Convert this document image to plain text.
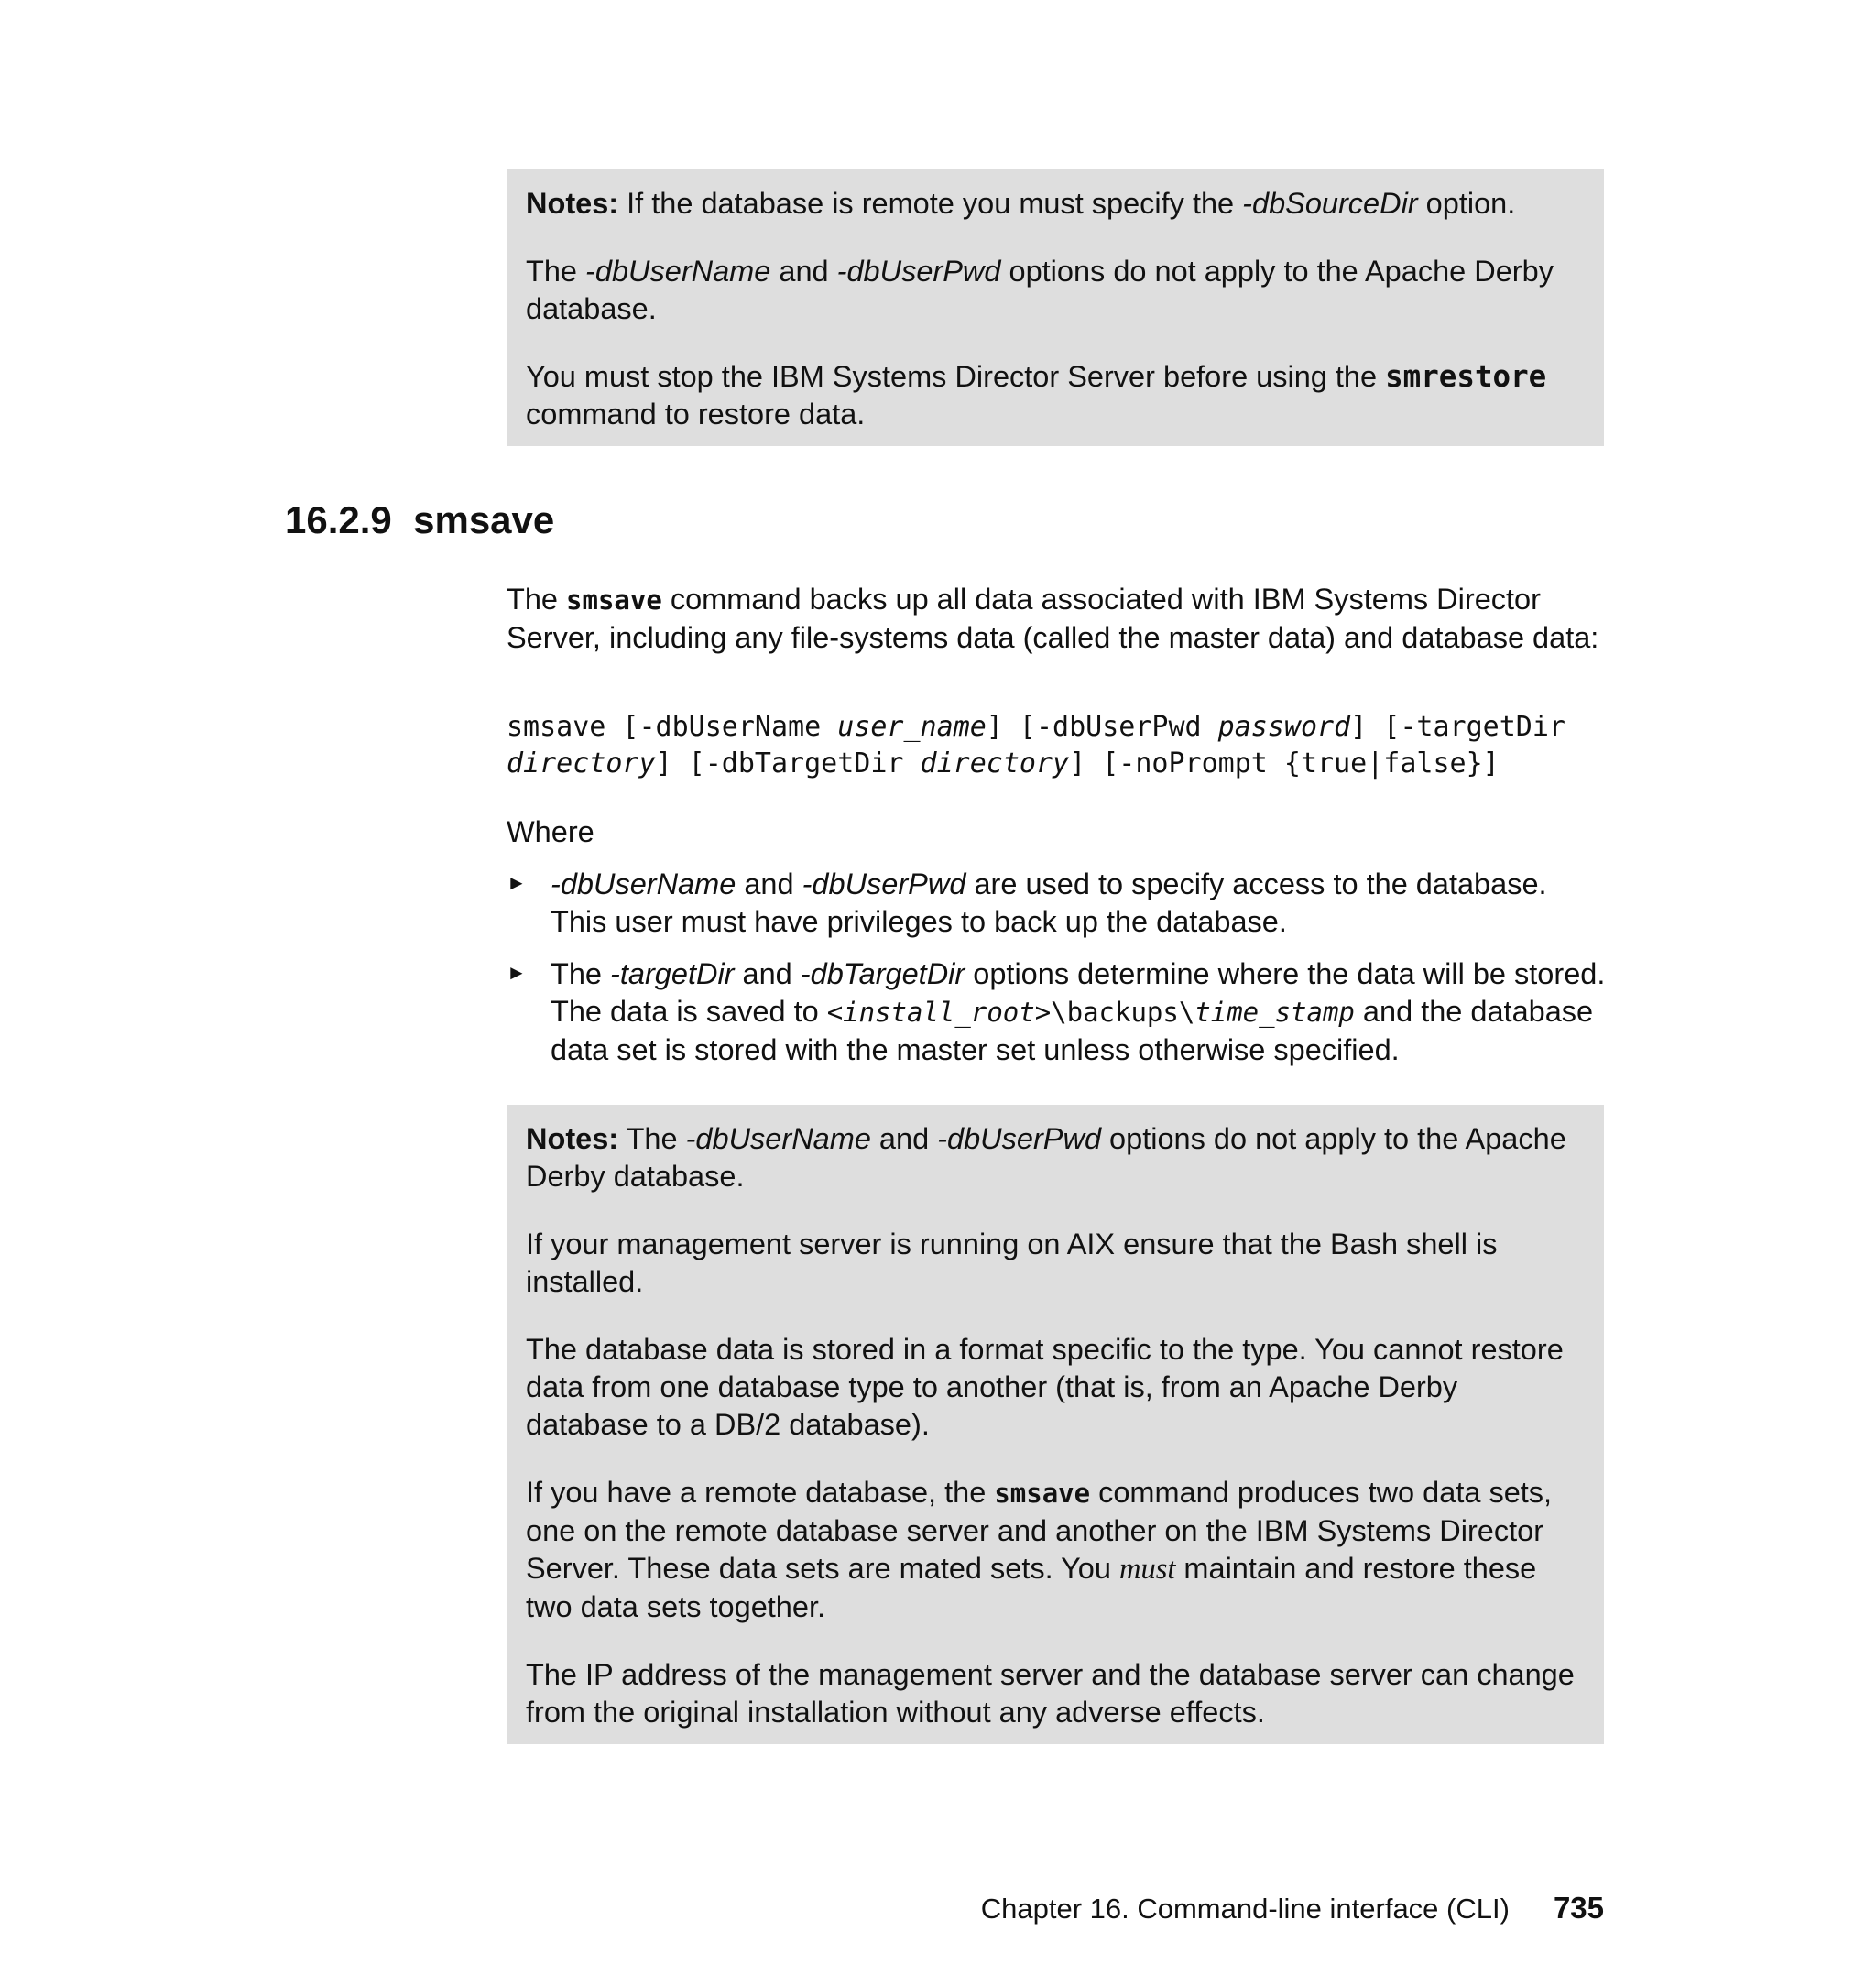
Notes: If the database is remote you must specify the -dbSourceDir option.

The -dbUserName and -dbUserPwd options do not apply to the Apache Derby database.

You must stop the IBM Systems Director Server before using the smrestore command to restore data.

16.2.9 smsave

The smsave command backs up all data associated with IBM Systems Director Server, including any file-systems data (called the master data) and database data:

smsave [-dbUserName user_name] [-dbUserPwd password] [-targetDir
directory] [-dbTargetDir directory] [-noPrompt {true|false}]

Where

► -dbUserName and -dbUserPwd are used to specify access to the database. This user must have privileges to back up the database.
► The -targetDir and -dbTargetDir options determine where the data will be stored. The data is saved to <install_root>\backups\time_stamp and the database data set is stored with the master set unless otherwise specified.

Notes: The -dbUserName and -dbUserPwd options do not apply to the Apache Derby database.

If your management server is running on AIX ensure that the Bash shell is installed.

The database data is stored in a format specific to the type. You cannot restore data from one database type to another (that is, from an Apache Derby database to a DB/2 database).

If you have a remote database, the smsave command produces two data sets, one on the remote database server and another on the IBM Systems Director Server. These data sets are mated sets. You must maintain and restore these two data sets together.

The IP address of the management server and the database server can change from the original installation without any adverse effects.

Chapter 16. Command-line interface (CLI) 735
